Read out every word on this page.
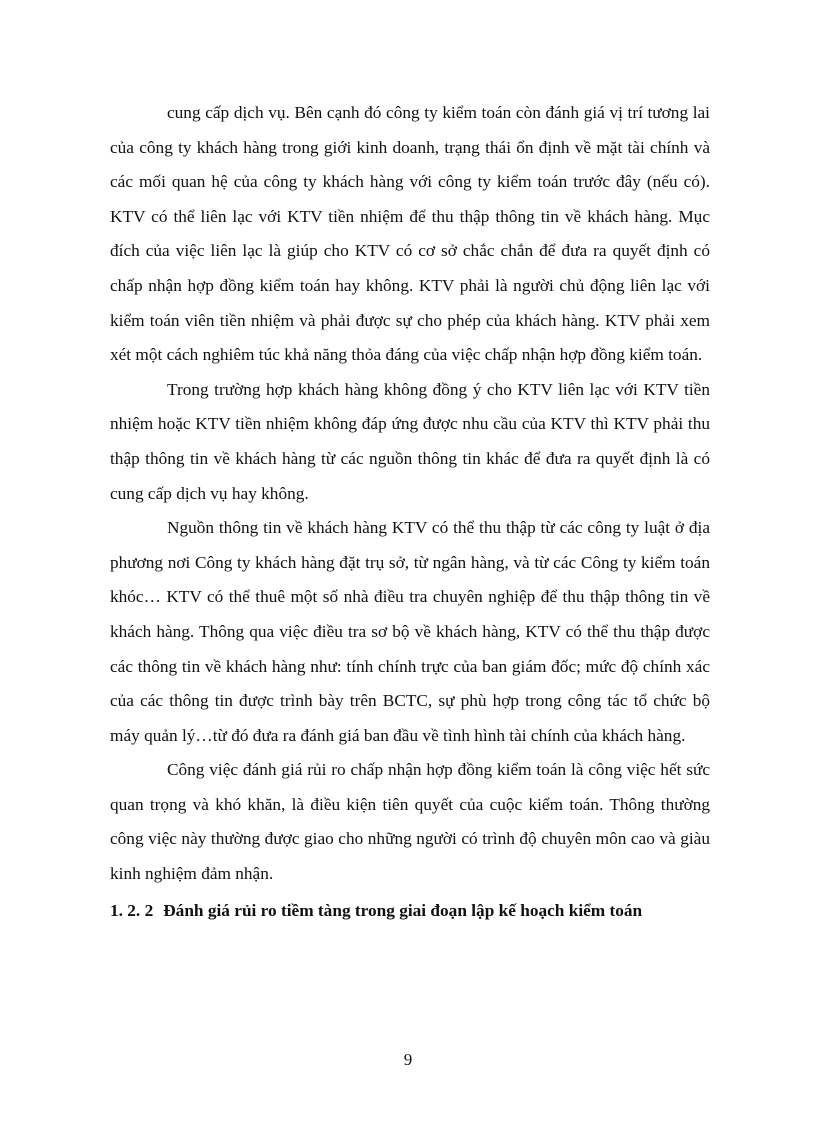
cung cấp dịch vụ. Bên cạnh đó công ty kiểm toán còn đánh giá vị trí tương lai của công ty khách hàng trong giới kinh doanh, trạng thái ổn định về mặt tài chính và các mối quan hệ của công ty khách hàng với công ty kiểm toán trước đây (nếu có). KTV có thể liên lạc với KTV tiền nhiệm để thu thập thông tin về khách hàng. Mục đích của việc liên lạc là giúp cho KTV có cơ sở chắc chắn để đưa ra quyết định có chấp nhận hợp đồng kiểm toán hay không. KTV phải là người chủ động liên lạc với kiểm toán viên tiền nhiệm và phải được sự cho phép của khách hàng. KTV phải xem xét một cách nghiêm túc khả năng thỏa đáng của việc chấp nhận hợp đồng kiểm toán.

Trong trường hợp khách hàng không đồng ý cho KTV liên lạc với KTV tiền nhiệm hoặc KTV tiền nhiệm không đáp ứng được nhu cầu của KTV thì KTV phải thu thập thông tin về khách hàng từ các nguồn thông tin khác để đưa ra quyết định là có cung cấp dịch vụ hay không.

Nguồn thông tin về khách hàng KTV có thể thu thập từ các công ty luật ở địa phương nơi Công ty khách hàng đặt trụ sở, từ ngân hàng, và từ các Công ty kiểm toán khóc… KTV có thể thuê một số nhà điều tra chuyên nghiệp để thu thập thông tin về khách hàng. Thông qua việc điều tra sơ bộ về khách hàng, KTV có thể thu thập được các thông tin về khách hàng như: tính chính trực của ban giám đốc; mức độ chính xác của các thông tin được trình bày trên BCTC, sự phù hợp trong công tác tổ chức bộ máy quản lý…từ đó đưa ra đánh giá ban đầu về tình hình tài chính của khách hàng.

Công việc đánh giá rủi ro chấp nhận hợp đồng kiểm toán là công việc hết sức quan trọng và khó khăn, là điều kiện tiên quyết của cuộc kiểm toán. Thông thường công việc này thường được giao cho những người có trình độ chuyên môn cao và giàu kinh nghiệm đảm nhận.

1. 2. 2 Đánh giá rủi ro tiềm tàng trong giai đoạn lập kế hoạch kiểm toán
9
